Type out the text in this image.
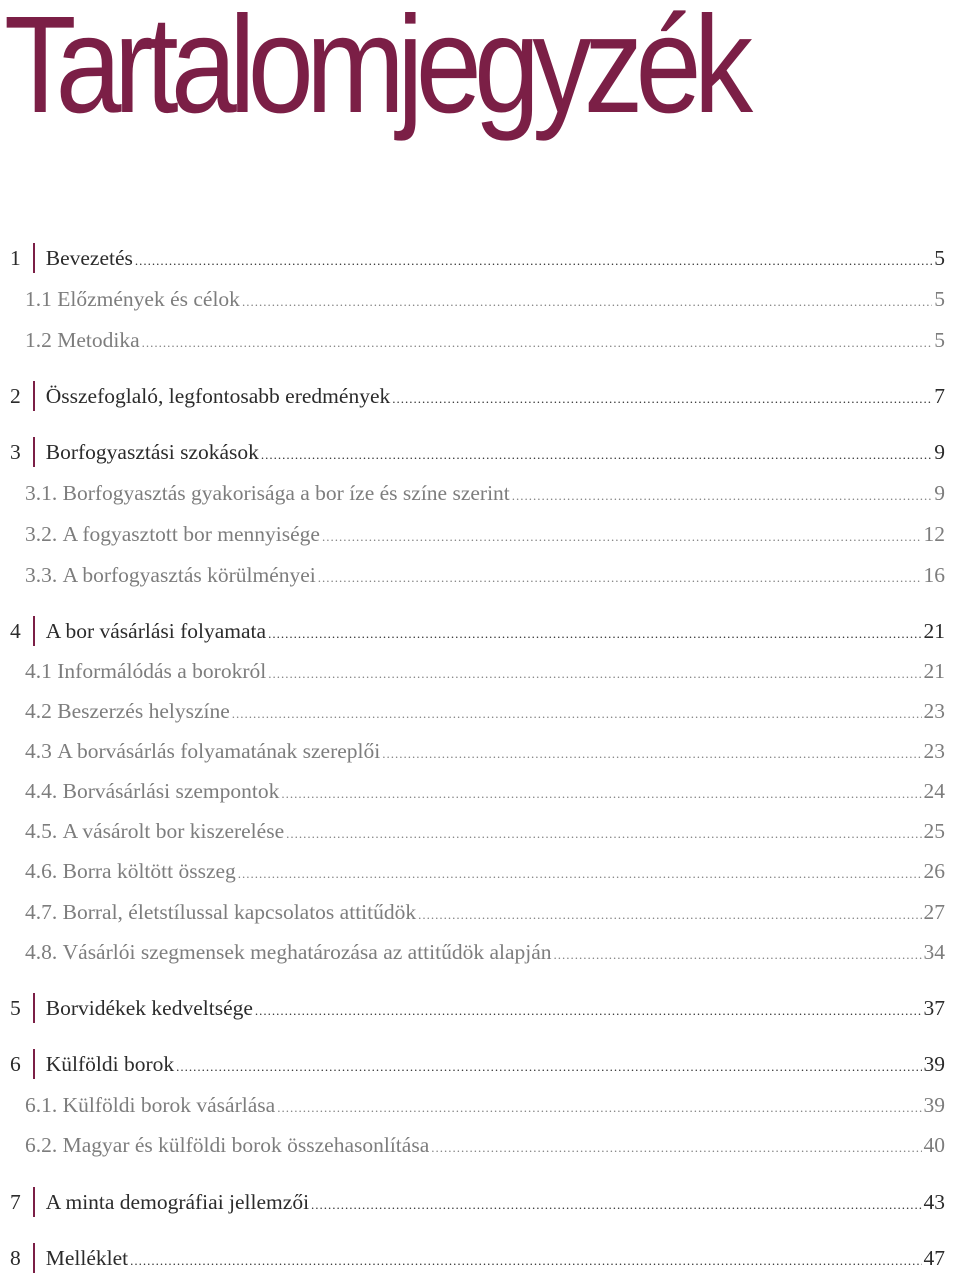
Tartalomjegyzék
1 Bevezetés .....	5
1.1 Előzmények és célok .....	5
1.2 Metodika .....	5
2 Összefoglaló, legfontosabb eredmények .....	7
3 Borfogyasztási szokások .....	9
3.1. Borfogyasztás gyakorisága a bor íze és színe szerint .....	9
3.2. A fogyasztott bor mennyisége .....	12
3.3. A borfogyasztás körülményei .....	16
4 A bor vásárlási folyamata .....	21
4.1 Informálódás a borokról .....	21
4.2 Beszerzés helyszíne .....	23
4.3 A borvásárlás folyamatának szereplői .....	23
4.4. Borvásárlási szempontok .....	24
4.5. A vásárolt bor kiszerelése .....	25
4.6. Borra költött összeg .....	26
4.7. Borral, életstílussal kapcsolatos attitűdök .....	27
4.8. Vásárlói szegmensek meghatározása az attitűdök alapján .....	34
5 Borvidékek kedveltsége .....	37
6 Külföldi borok .....	39
6.1. Külföldi borok vásárlása .....	39
6.2. Magyar és külföldi borok összehasonlítása .....	40
7 A minta demográfiai jellemzői .....	43
8 Melléklet .....	47
